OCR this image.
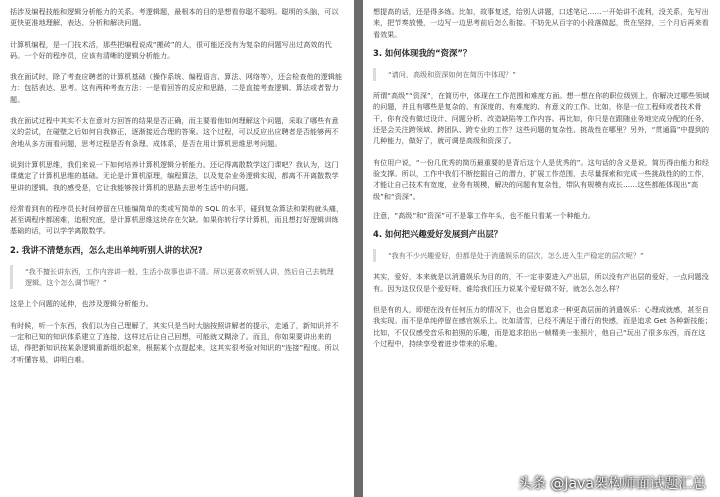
括涉及编程技能和逻辑分析能力的关系。考逻辑题，最根本的目的是想看你聪不聪明。聪明的头脑，可以更快更准地理解、表达、分析和解决问题。

计算机编程，是一门技术活，那些把编程说成“搬砖”的人，很可能还没有为复杂的问题写出过高效的代码。一个好的程序员，应该有清晰的逻辑分析能力。

我在面试时，除了考查应聘者的计算机基础（操作系统、编程语言、算法、网络等），还会检查他的逻辑能力：包括表达、思考。这有两种考查方法：一是看回答的反应和思路，二是直接考查逻辑、算法或者智力题。

我在面试过程中其实不太在意对方回答的结果是否正确，而主要看他如何理解这个问题，采取了哪些有意义的尝试，在碰壁之后如何自我修正，逐渐接近合理的答案。这个过程，可以反应出应聘者是否能够两不舍地从多方面看问题，思考过程是否有条理、成体系，是否在用计算机思维思考问题。

说到计算机思维，我们来说一下如何培养计算机逻辑分析能力。还记得离散数学这门课吧？我认为，这门课奠定了计算机思维的基础。无论是计算机原理，编程算法，以及复杂业务逻辑实现，都离不开离散数学里讲的逻辑。我的感受是，它让我能够按计算机的思路去思考生活中的问题。

经常看到有的程序员长时间停留在只能编简单的类或写简单的 SQL 的水平，碰到复杂算法和架构就头痛，甚至调程序都困难，追根究底，是计算机思维这块存在欠缺。如果你转行学计算机，而且想打好逻辑训练基础的话，可以学学离散数学。

2. 我讲不清楚东西，怎么走出单纯听别人讲的状况?
“我不擅长讲东西，工作内容讲一般，生活小故事也讲不清。所以更喜欢听别人讲，然后自己去梳理逻辑。这个怎么调节呢？”

这是上个问题的延伸，也涉及逻辑分析能力。

有时候，听一个东西，我们以为自己理解了，其实只是当时大脑按照讲解者的提示，走通了，新知识并不一定和已知的知识体系建立了连接，这样过后让自己回想，可能就又糊涂了。而且，你如果要讲出来的话，得把新知识按某条逻辑重新组织起来，根据某个点提起来，这其实很考验对知识的“连接”程度。所以才听懂容易，讲明白难。

想提高的话，还是得多练。比如，故事复述，给别人讲题，口述笔记……一开始讲不流利，没关系，先写出来，把节奏放慢，一边写一边思考前后怎么衔接。不妨先从百字的小段落做起，贵在坚持，三个月后再来看看效果。

3. 如何体现我的“资深”？
“请问，高级和资深如何在简历中体现？”

所谓“高级”“资深”，在简历中，体现在工作范围和难度方面。想一想在你的职位级别上，你解决过哪些领域的问题，并且有哪些是复杂的、有深度的、有难度的、有意义的工作。比如，你是一位工程师或者技术骨干，你有没有做过设计、问题分析、改造缺陷等工作内容。再比如，你只是在跟随业务地完成分配的任务，还是会关注跨领域、跨团队、跨专业的工作？这些问题的复杂性、挑战性在哪里？另外，“贯通篇”中提到的几种能力，做好了，就可调是高级和资深了。

有位用户说，“一份几优秀的简历最重要的是背后这个人是优秀的”。这句话的含义是说，简历得由能力和经验支撑。所以，工作中我们不断挖掘自己的潜力，扩展工作范围，去尽量探索和完成一些挑战性的的工作，才能让自己技术有宽度，业务有规模，解决的问题有复杂性，带队有规模有成长……这些都能体现出“高级”和“资深”。

注意，“高级”和“资深”可不是靠工作年头，也不能只看某一个种能力。

4. 如何把兴趣爱好发展到产出层？
“我有不少兴趣爱好，但都是处于消遣娱乐的层次，怎么进入生产稳定的层次呢？”

其实，爱好，本来就是以消遣娱乐为目的的，不一定非要进入产出层，所以没有产出层的爱好，一点问题没有。因为这仅仅是个爱好呀，谁给我们压力说某个爱好做不好，就怎么怎么样？

但是有的人，即便在没有任何压力的情况下，也会自愿追求一种更高层面的消遣娱乐：心理成就感，甚至自我实现。而不是单纯停留在感官娱乐上。比如清雪，已经不满足于滑行的快感，而是追求 Get 各种新技能；比如，不仅仅感受音乐和拍照的乐趣，而是追求拍出一帧精美一张照片，他自己“玩出了很多东西，而在这个过程中，持续享受着进步带来的乐趣。

头条 @Java架构师面试题汇总
